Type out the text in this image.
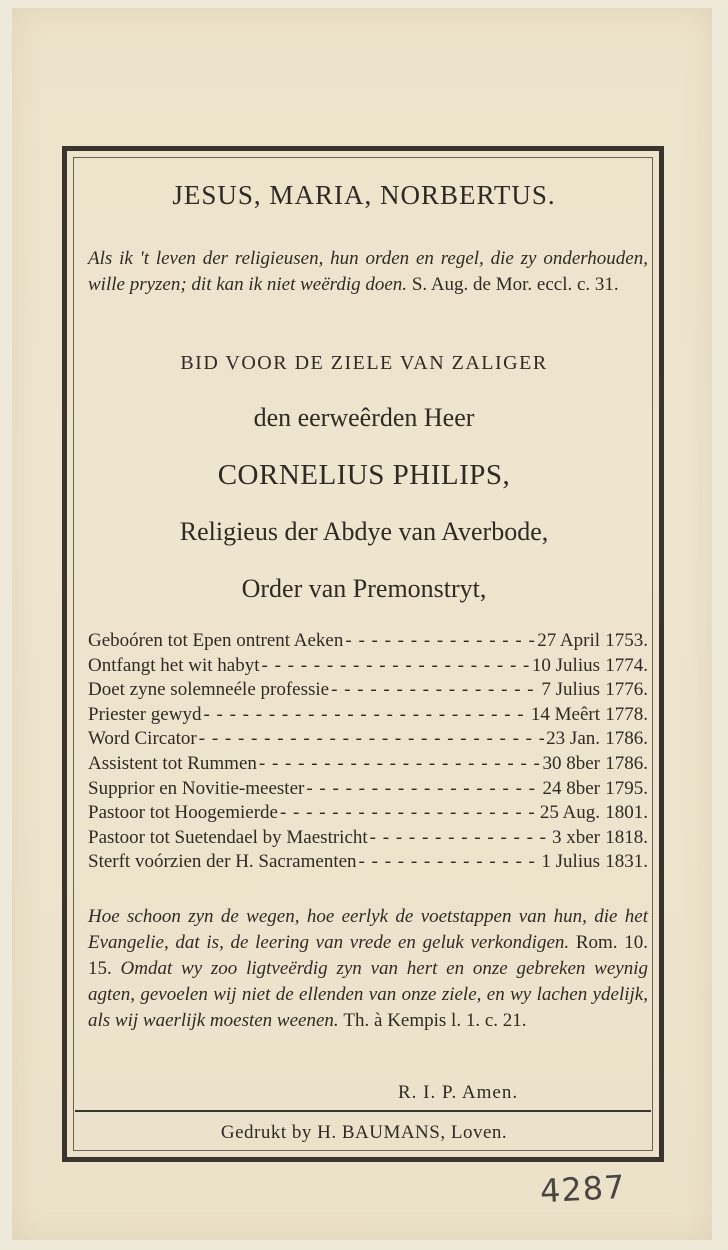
JESUS, MARIA, NORBERTUS.
Als ik 't leven der religieusen, hun orden en regel, die zy onderhouden, wille pryzen; dit kan ik niet weërdig doen. S. Aug. de Mor. eccl. c. 31.
BID VOOR DE ZIELE VAN ZALIGER
den eerweêrden Heer
CORNELIUS PHILIPS,
Religieus der Abdye van Averbode,
Order van Premonstryt,
Geboóren tot Epen ontrent Aeken - - -	27 April 1753.
Ontfangt het wit habyt - - -	10 Julius 1774.
Doet zyne solemneéle professie - - -	7 Julius 1776.
Priester gewyd - - -	14 Meêrt 1778.
Word Circator - - -	23 Jan. 1786.
Assistent tot Rummen - - -	30 8ber 1786.
Supprior en Novitie-meester - - -	24 8ber 1795.
Pastoor tot Hoogemierde - - -	25 Aug. 1801.
Pastoor tot Suetendael by Maestricht - - -	3 xber 1818.
Sterft voórzien der H. Sacramenten - - -	1 Julius 1831.
Hoe schoon zyn de wegen, hoe eerlyk de voetstappen van hun, die het Evangelie, dat is, de leering van vrede en geluk verkondigen. Rom. 10. 15. Omdat wy zoo ligtveërdig zyn van hert en onze gebreken weynig agten, gevoelen wij niet de ellenden van onze ziele, en wy lachen ydelijk, als wij waerlijk moesten weenen. Th. à Kempis l. 1. c. 21.
R. I. P. Amen.
Gedrukt by H. BAUMANS, Loven.
4287
